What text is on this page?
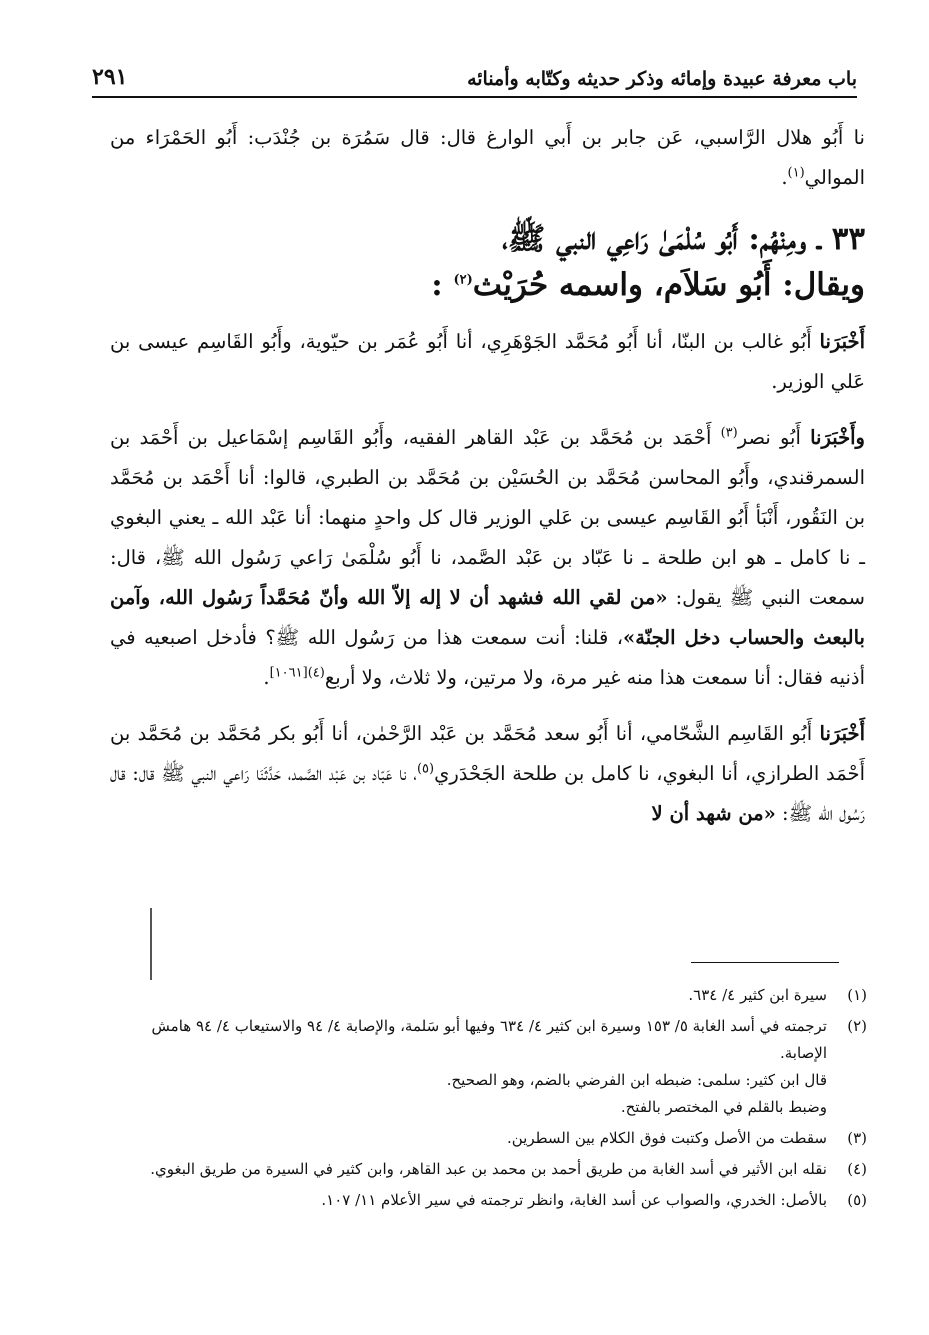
٢٩١	باب معرفة عبيدة وإمائه وذكر حديثه وكتّابه وأمنائه

نا أَبُو هلال الرَّاسبي، عَن جابر بن أَبي الوارغ قال: قال سَمُرَة بن جُنْدَب: أَبُو الحَمْرَاء من الموالي$^{(١)}$.

٣٣ ـ ومِنْهُم: أَبُو سُلْمَىٰ رَاعِي النبي ﷺ،
ويقال: أَبُو سَلاَم، واسمه حُرَيْث$^{(٢)}$ :

أَخْبَرَنا أَبُو غالب بن البنّا، أنا أَبُو مُحَمَّد الجَوْهَرِي، أنا أَبُو عُمَر بن حيّوية، وأَبُو القَاسِم عيسى بن عَلي الوزير.

وأَخْبَرَنا أَبُو نصر$^{(٣)}$ أَحْمَد بن مُحَمَّد بن عَبْد القاهر الفقيه، وأَبُو القَاسِم إسْمَاعيل بن أَحْمَد بن السمرقندي، وأَبُو المحاسن مُحَمَّد بن الحُسَيْن بن مُحَمَّد بن الطبري، قالوا: أنا أَحْمَد بن مُحَمَّد بن النَقُور، أَنْبَأ أَبُو القَاسِم عيسى بن عَلي الوزير قال كل واحدٍ منهما: أنا عَبْد الله ـ يعني البغوي ـ نا كامل ـ هو ابن طلحة ـ نا عَبّاد بن عَبْد الصَّمد، نا أَبُو سُلْمَىٰ رَاعي رَسُول الله ﷺ، قال: سمعت النبي ﷺ يقول: «من لقي الله فشهد أن لا إله إلاّ الله وأنّ مُحَمَّداً رَسُول الله، وآمن بالبعث والحساب دخل الجنّة»، قلنا: أنت سمعت هذا من رَسُول الله ﷺ؟ فأدخل اصبعيه في أذنيه فقال: أنا سمعت هذا منه غير مرة، ولا مرتين، ولا ثلاث، ولا أربع$^{(٤)[١٠٦١]}$.

أَخْبَرَنا أَبُو القَاسِم الشَّحّامي، أنا أَبُو سعد مُحَمَّد بن عَبْد الرَّحْمٰن، أنا أَبُو بكر مُحَمَّد بن مُحَمَّد بن أَحْمَد الطرازي، أنا البغوي، نا كامل بن طلحة الجَحْدَري$^{(٥)}$، نا عَبّاد بن عَبْد الصَّمد، حَدَّثَنَا رَاعي النبي ﷺ قال: قال رَسُول الله ﷺ: «من شهد أن لا

(١)
سيرة ابن كثير ٤/ ٦٣٤.
(٢)
ترجمته في أسد الغابة ٥/ ١٥٣ وسيرة ابن كثير ٤/ ٦٣٤ وفيها أبو سَلمة، والإصابة ٤/ ٩٤ والاستيعاب ٤/ ٩٤ هامش الإصابة.
قال ابن كثير: سلمى: ضبطه ابن الفرضي بالضم، وهو الصحيح.
وضبط بالقلم في المختصر بالفتح.
(٣)
سقطت من الأصل وكتبت فوق الكلام بين السطرين.
(٤)
نقله ابن الأثير في أسد الغابة من طريق أحمد بن محمد بن عبد القاهر، وابن كثير في السيرة من طريق البغوي.
(٥)
بالأصل: الخدري، والصواب عن أسد الغابة، وانظر ترجمته في سير الأعلام ١١/ ١٠٧.
